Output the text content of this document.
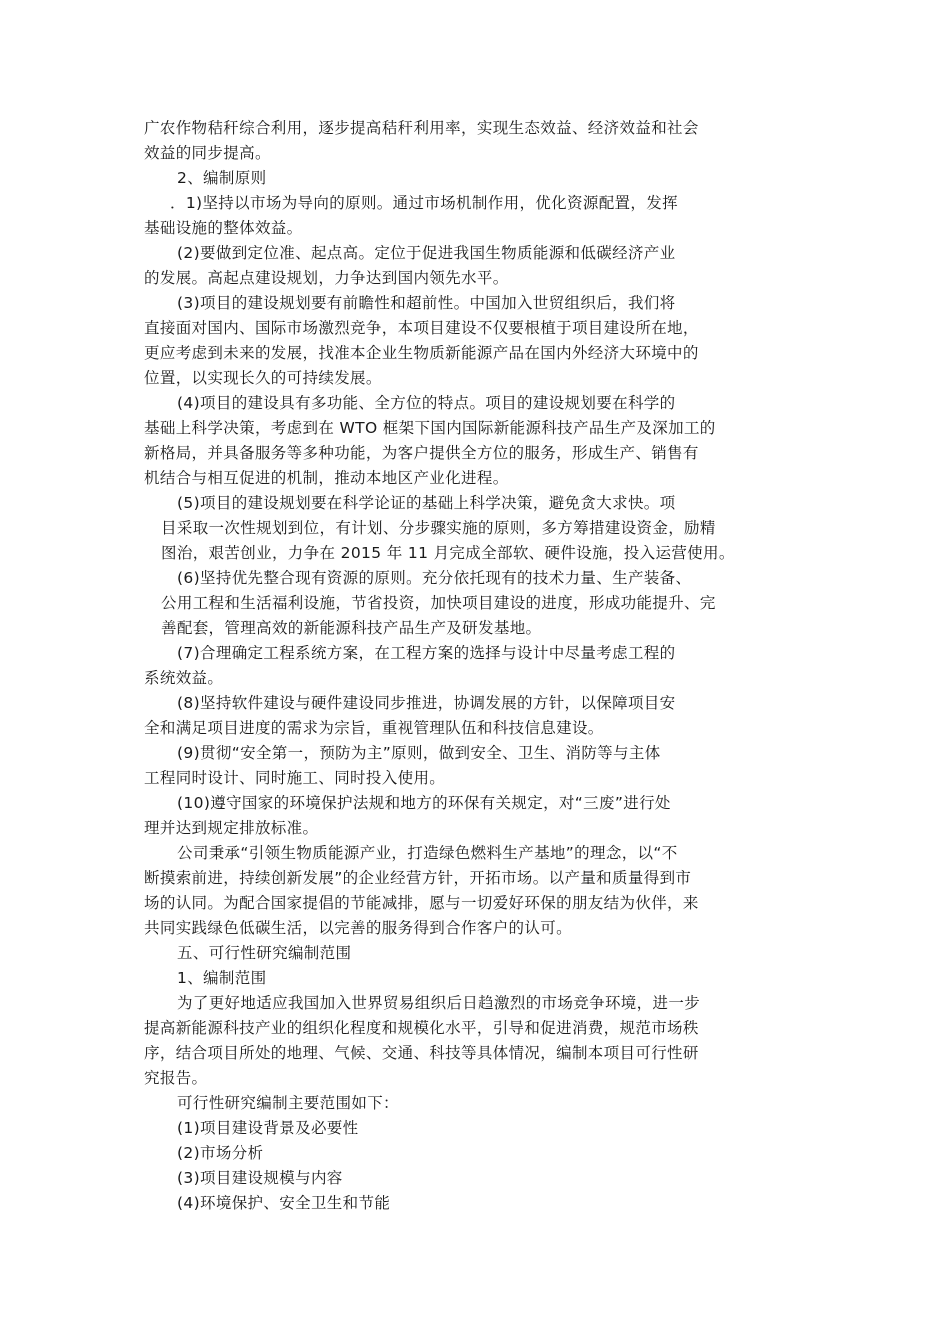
广农作物秸秆综合利用，逐步提高秸秆利用率，实现生态效益、经济效益和社会

效益的同步提高。

2、编制原则

．1)坚持以市场为导向的原则。通过市场机制作用，优化资源配置，发挥

基础设施的整体效益。

(2)要做到定位准、起点高。定位于促进我国生物质能源和低碳经济产业

的发展。高起点建设规划，力争达到国内领先水平。

(3)项目的建设规划要有前瞻性和超前性。中国加入世贸组织后，我们将

直接面对国内、国际市场激烈竞争，本项目建设不仅要根植于项目建设所在地，

更应考虑到未来的发展，找准本企业生物质新能源产品在国内外经济大环境中的

位置，以实现长久的可持续发展。

(4)项目的建设具有多功能、全方位的特点。项目的建设规划要在科学的

基础上科学决策，考虑到在 WTO 框架下国内国际新能源科技产品生产及深加工的

新格局，并具备服务等多种功能，为客户提供全方位的服务，形成生产、销售有

机结合与相互促进的机制，推动本地区产业化进程。

(5)项目的建设规划要在科学论证的基础上科学决策，避免贪大求快。项

目采取一次性规划到位，有计划、分步骤实施的原则，多方筹措建设资金，励精

图治，艰苦创业，力争在 2015 年 11 月完成全部软、硬件设施，投入运营使用。

(6)坚持优先整合现有资源的原则。充分依托现有的技术力量、生产装备、

公用工程和生活福利设施，节省投资，加快项目建设的进度，形成功能提升、完

善配套，管理高效的新能源科技产品生产及研发基地。

(7)合理确定工程系统方案，在工程方案的选择与设计中尽量考虑工程的

系统效益。

(8)坚持软件建设与硬件建设同步推进，协调发展的方针，以保障项目安

全和满足项目进度的需求为宗旨，重视管理队伍和科技信息建设。

(9)贯彻“安全第一，预防为主”原则，做到安全、卫生、消防等与主体

工程同时设计、同时施工、同时投入使用。

(10)遵守国家的环境保护法规和地方的环保有关规定，对“三废”进行处

理并达到规定排放标准。

公司秉承“引领生物质能源产业，打造绿色燃料生产基地”的理念，以“不

断摸索前进，持续创新发展”的企业经营方针，开拓市场。以产量和质量得到市

场的认同。为配合国家提倡的节能减排，愿与一切爱好环保的朋友结为伙伴，来

共同实践绿色低碳生活，以完善的服务得到合作客户的认可。

五、可行性研究编制范围

1、编制范围

为了更好地适应我国加入世界贸易组织后日趋激烈的市场竞争环境，进一步

提高新能源科技产业的组织化程度和规模化水平，引导和促进消费，规范市场秩

序，结合项目所处的地理、气候、交通、科技等具体情况，编制本项目可行性研

究报告。

可行性研究编制主要范围如下：

(1)项目建设背景及必要性

(2)市场分析

(3)项目建设规模与内容

(4)环境保护、安全卫生和节能
